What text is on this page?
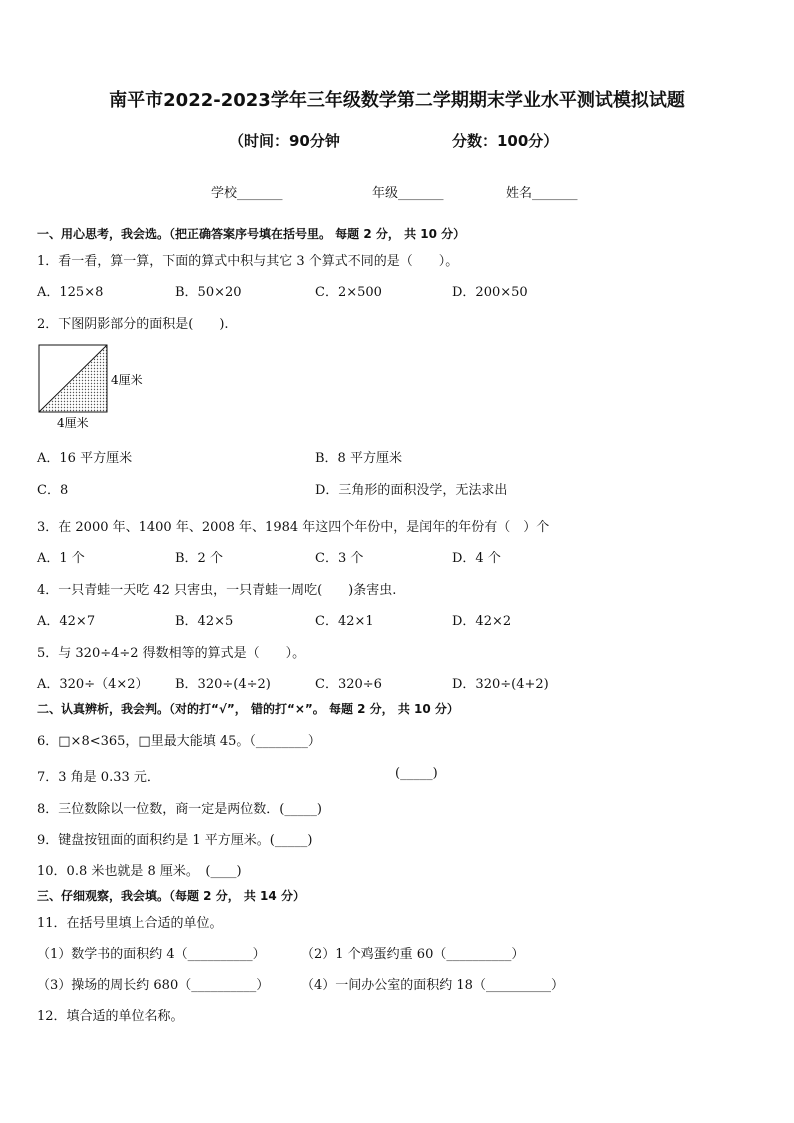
南平市2022-2023学年三年级数学第二学期期末学业水平测试模拟试题
（时间：90分钟	分数：100分）
学校_______	年级_______	姓名_______
一、用心思考，我会选。（把正确答案序号填在括号里。 每题 2 分， 共 10 分）
1．看一看，算一算，下面的算式中积与其它 3 个算式不同的是（　　）。
A．125×8	B．50×20	C．2×500	D．200×50
2．下图阴影部分的面积是(　　).
4厘米
4厘米
A．16 平方厘米	B．8 平方厘米
C．8	D．三角形的面积没学，无法求出
3．在 2000 年、1400 年、2008 年、1984 年这四个年份中，是闰年的年份有（　）个
A．1 个	B．2 个	C．3 个	D．4 个
4．一只青蛙一天吃 42 只害虫，一只青蛙一周吃(　　)条害虫.
A．42×7	B．42×5	C．42×1	D．42×2
5．与 320÷4÷2 得数相等的算式是（　　）。
A．320÷（4×2） B．320÷(4÷2)	C．320÷6	D．320÷(4+2)
二、认真辨析，我会判。（对的打“√”， 错的打“×”。 每题 2 分， 共 10 分）
6．□×8<365，□里最大能填 45。（________）
7．3 角是 0.33 元．	(_____)
8．三位数除以一位数，商一定是两位数．(_____)
9．键盘按钮面的面积约是 1 平方厘米。(_____)
10．0.8 米也就是 8 厘米。　(____)
三、仔细观察，我会填。（每题 2 分， 共 14 分）
11．在括号里填上合适的单位。
（1）数学书的面积约 4（__________）	（2）1 个鸡蛋约重 60（__________）
（3）操场的周长约 680（__________） （4）一间办公室的面积约 18（__________）
12．填合适的单位名称。
